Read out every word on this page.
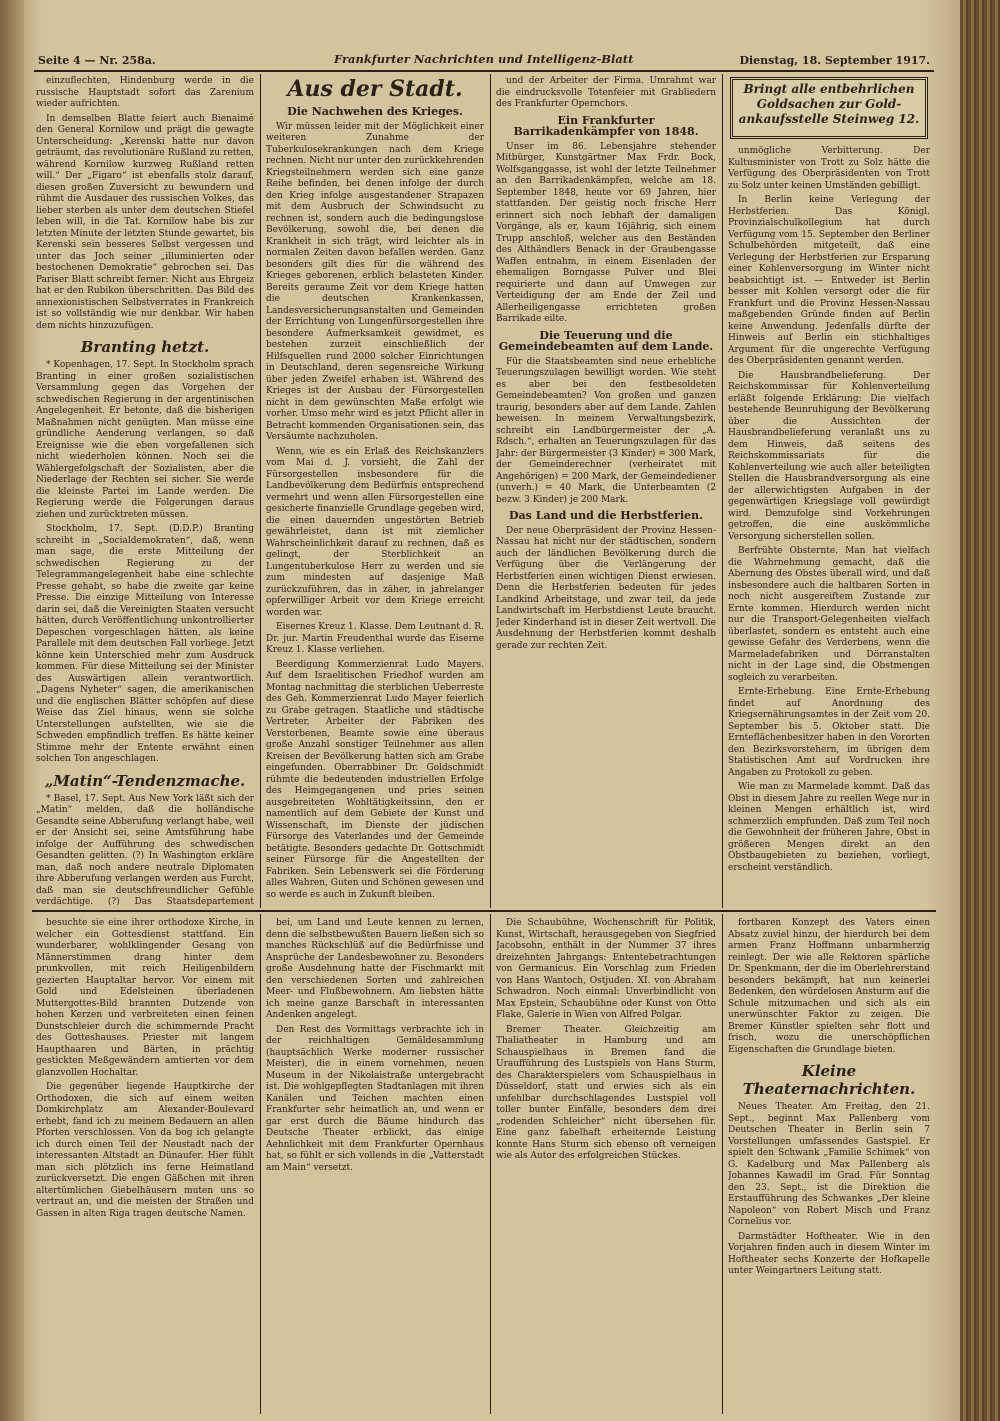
Seite 4 — Nr. 258a.	Frankfurter Nachrichten und Intelligenz-Blatt	Dienstag, 18. September 1917.

einzuflechten, Hindenburg werde in die russische Hauptstadt sofort das Zarenium wieder aufrichten.

In demselben Blatte feiert auch Bienaimé den General Kornilow und prägt die gewagte Unterscheidung: „Kerenski hatte nur davon geträumt, das revolutionäre Rußland zu retten, während Kornilow kurzweg Rußland retten will.“ Der „Figaro“ ist ebenfalls stolz darauf, diesen großen Zuversicht zu bewundern und rühmt die Ausdauer des russischen Volkes, das lieber sterben als unter dem deutschen Stiefel leben will, in die Tat. Kornilow habe bis zur letzten Minute der letzten Stunde gewartet, bis Kerenski sein besseres Selbst vergessen und unter das Joch seiner „illuminierten oder bestochenen Demokratie“ gebrochen sei. Das Pariser Blatt schreibt ferner: Nicht aus Ehrgeiz hat er den Rubikon überschritten. Das Bild des annexionistischen Selbstverrates in Frankreich ist so vollständig wie nur denkbar. Wir haben dem nichts hinzuzufügen.

Branting hetzt.

* Kopenhagen, 17. Sept. In Stockholm sprach Branting in einer großen sozialistischen Versammlung gegen das Vorgehen der schwedischen Regierung in der argentinischen Angelegenheit. Er betonte, daß die bisherigen Maßnahmen nicht genügten. Man müsse eine gründliche Aenderung verlangen, so daß Ereignisse wie die eben vorgefallenen sich nicht wiederholen können. Noch sei die Wählergefolgschaft der Sozialisten, aber die Niederlage der Rechten sei sicher. Sie werde die kleinste Partei im Lande werden. Die Regierung werde die Folgerungen daraus ziehen und zurücktreten müssen.

Stockholm, 17. Sept. (D.D.P.) Branting schreibt in „Socialdemokraten“, daß, wenn man sage, die erste Mitteilung der schwedischen Regierung zu der Telegrammangelegenheit habe eine schlechte Presse gehabt, so habe die zweite gar keine Presse. Die einzige Mitteilung von Interesse darin sei, daß die Vereinigten Staaten versucht hätten, durch Veröffentlichung unkontrollierter Depeschen vorgeschlagen hätten, als keine Parallele mit dem deutschen Fall vorliege. Jetzt könne kein Unterschied mehr zum Ausdruck kommen. Für diese Mitteilung sei der Minister des Auswärtigen allein verantwortlich. „Dagens Nyheter“ sagen, die amerikanischen und die englischen Blätter schöpfen auf diese Weise das Ziel hinaus, wenn sie solche Unterstellungen aufstellten, wie sie die Schweden empfindlich treffen. Es hätte keiner Stimme mehr der Entente erwähnt einen solchen Ton angeschlagen.

„Matin“-Tendenzmache.

* Basel, 17. Sept. Aus New York läßt sich der „Matin“ melden, daß die holländische Gesandte seine Abberufung verlangt habe, weil er der Ansicht sei, seine Amtsführung habe infolge der Aufführung des schwedischen Gesandten gelitten. (?) In Washington erkläre man, daß noch andere neutrale Diplomaten ihre Abberufung verlangen werden aus Furcht, daß man sie deutschfreundlicher Gefühle verdächtige. (?) Das Staatsdepartement

Aus der Stadt.
Die Nachwehen des Krieges.

Wir müssen leider mit der Möglichkeit einer weiteren Zunahme der Tuberkulosekrankungen nach dem Kriege rechnen. Nicht nur unter den zurückkehrenden Kriegsteilnehmern werden sich eine ganze Reihe befinden, bei denen infolge der durch den Krieg infolge ausgestandener Strapazen mit dem Ausbruch der Schwindsucht zu rechnen ist, sondern auch die bedingungslose Bevölkerung, sowohl die, bei denen die Krankheit in sich trägt, wird leichter als in normalen Zeiten davon befallen werden. Ganz besonders gilt dies für die während des Krieges geborenen, erblich belasteten Kinder. Bereits geraume Zeit vor dem Kriege hatten die deutschen Krankenkassen, Landesversicherungsanstalten und Gemeinden der Errichtung von Lungenfürsorgestellen ihre besondere Aufmerksamkeit gewidmet, es bestehen zurzeit einschließlich der Hilfsquellen rund 2000 solcher Einrichtungen in Deutschland, deren segensreiche Wirkung über jeden Zweifel erhaben ist. Während des Krieges ist der Ausbau der Fürsorgestellen nicht in dem gewünschten Maße erfolgt wie vorher. Umso mehr wird es jetzt Pflicht aller in Betracht kommenden Organisationen sein, das Versäumte nachzuholen.

Wenn, wie es ein Erlaß des Reichskanzlers vom Mai d. J. vorsieht, die Zahl der Fürsorgestellen insbesondere für die Landbevölkerung dem Bedürfnis entsprechend vermehrt und wenn allen Fürsorgestellen eine gesicherte finanzielle Grundlage gegeben wird, die einen dauernden ungestörten Betrieb gewährleistet, dann ist mit ziemlicher Wahrscheinlichkeit darauf zu rechnen, daß es gelingt, der Sterblichkeit an Lungentuberkulose Herr zu werden und sie zum mindesten auf dasjenige Maß zurückzuführen, das in zäher, in jahrelanger opferwilliger Arbeit vor dem Kriege erreicht worden war.

Eisernes Kreuz 1. Klasse. Dem Leutnant d. R. Dr. jur. Martin Freudenthal wurde das Eiserne Kreuz 1. Klasse verliehen.

Beerdigung Kommerzienrat Ludo Mayers. Auf dem Israelitischen Friedhof wurden am Montag nachmittag die sterblichen Ueberreste des Geh. Kommerzienrat Ludo Mayer feierlich zu Grabe getragen. Staatliche und städtische Vertreter, Arbeiter der Fabriken des Verstorbenen, Beamte sowie eine überaus große Anzahl sonstiger Teilnehmer aus allen Kreisen der Bevölkerung hatten sich am Grabe eingefunden. Oberrabbiner Dr. Goldschmidt rühmte die bedeutenden industriellen Erfolge des Heimgegangenen und pries seinen ausgebreiteten Wohltätigkeitssinn, den er namentlich auf dem Gebiete der Kunst und Wissenschaft, im Dienste der jüdischen Fürsorge des Vaterlandes und der Gemeinde betätigte. Besonders gedachte Dr. Gottschmidt seiner Fürsorge für die Angestellten der Fabriken. Sein Lebenswerk sei die Förderung alles Wahren, Guten und Schönen gewesen und so werde es auch in Zukunft bleiben.

und der Arbeiter der Firma. Umrahmt war die eindrucksvolle Totenfeier mit Grabliedern des Frankfurter Opernchors.

Ein Frankfurter Barrikadenkämpfer von 1848.

Unser im 86. Lebensjahre stehender Mitbürger, Kunstgärtner Max Frdr. Bock, Wolfsganggasse, ist wohl der letzte Teilnehmer an den Barrikadenkämpfen, welche am 18. September 1848, heute vor 69 Jahren, hier stattfanden. Der geistig noch frische Herr erinnert sich noch lebhaft der damaligen Vorgänge, als er, kaum 16jährig, sich einem Trupp anschloß, welcher aus den Beständen des Althändlers Benack in der Graubengasse Waffen entnahm, in einem Eisenladen der ehemaligen Borngasse Pulver und Blei requirierte und dann auf Umwegen zur Verteidigung der am Ende der Zeil und Allerheiligengasse errichteten großen Barrikade eilte.

Die Teuerung und die Gemeindebeamten auf dem Lande.

Für die Staatsbeamten sind neue erhebliche Teuerungszulagen bewilligt worden. Wie steht es aber bei den festbesoldeten Gemeindebeamten? Von großen und ganzen traurig, besonders aber auf dem Lande. Zahlen beweisen. In meinem Verwaltungsbezirk, schreibt ein Landbürgermeister der „A. Rdsch.“, erhalten an Teuerungszulagen für das Jahr: der Bürgermeister (3 Kinder) = 300 Mark, der Gemeinderechner (verheiratet mit Angehörigen) = 200 Mark, der Gemeindediener (unverh.) = 40 Mark, die Unterbeamten (2 bezw. 3 Kinder) je 200 Mark.

Das Land und die Herbstferien.

Der neue Oberpräsident der Provinz Hessen-Nassau hat nicht nur der städtischen, sondern auch der ländlichen Bevölkerung durch die Verfügung über die Verlängerung der Herbstferien einen wichtigen Dienst erwiesen. Denn die Herbstferien bedeuten für jedes Landkind Arbeitstage, und zwar teil, da jede Landwirtschaft im Herbstdienst Leute braucht. Jeder Kinderhand ist in dieser Zeit wertvoll. Die Ausdehnung der Herbstferien kommt deshalb gerade zur rechten Zeit.

Bringt alle entbehrlichen
Goldsachen zur Gold-
ankaufsstelle Steinweg 12.

unmögliche Verbitterung. Der Kultusminister von Trott zu Solz hätte die Verfügung des Oberpräsidenten von Trott zu Solz unter keinen Umständen gebilligt.

In Berlin keine Verlegung der Herbstferien. Das Königl. Provinzialschulkollegium hat durch Verfügung vom 15. September den Berliner Schulbehörden mitgeteilt, daß eine Verlegung der Herbstferien zur Ersparung einer Kohlenversorgung im Winter nicht beabsichtigt ist. — Entweder ist Berlin besser mit Kohlen versorgt oder die für Frankfurt und die Provinz Hessen-Nassau maßgebenden Gründe finden auf Berlin keine Anwendung. Jedenfalls dürfte der Hinweis auf Berlin ein stichhaltiges Argument für die ungerechte Verfügung des Oberpräsidenten genannt werden.

Die Hausbrandbelieferung. Der Reichskommissar für Kohlenverteilung erläßt folgende Erklärung: Die vielfach bestehende Beunruhigung der Bevölkerung über die Aussichten der Hausbrandbelieferung veranlaßt uns zu dem Hinweis, daß seitens des Reichskommissariats für die Kohlenverteilung wie auch aller beteiligten Stellen die Hausbrandversorgung als eine der allerwichtigsten Aufgaben in der gegenwärtigen Kriegslage voll gewürdigt wird. Demzufolge sind Vorkehrungen getroffen, die eine auskömmliche Versorgung sicherstellen sollen.

Berfrühte Obsternte. Man hat vielfach die Wahrnehmung gemacht, daß die Abernung des Obstes überall wird, und daß insbesondere auch die haltbaren Sorten in noch nicht ausgereiftem Zustande zur Ernte kommen. Hierdurch werden nicht nur die Transport-Gelegenheiten vielfach überlastet, sondern es entsteht auch eine gewisse Gefahr des Verderbens, wenn die Marmeladefabriken und Dörranstalten nicht in der Lage sind, die Obstmengen sogleich zu verarbeiten.

Ernte-Erhebung. Eine Ernte-Erhebung findet auf Anordnung des Kriegsernährungsamtes in der Zeit vom 20. September bis 5. Oktober statt. Die Ernteflächenbesitzer haben in den Vororten den Bezirksvorstehern, im übrigen dem Statistischen Amt auf Vordrucken ihre Angaben zu Protokoll zu geben.

Wie man zu Marmelade kommt. Daß das Obst in diesem Jahre zu reellen Wege nur in kleinen Mengen erhältlich ist, wird schmerzlich empfunden. Daß zum Teil noch die Gewohnheit der früheren Jahre, Obst in größeren Mengen direkt an den Obstbaugebieten zu beziehen, vorliegt, erscheint verständlich.

besuchte sie eine ihrer orthodoxe Kirche, in welcher ein Gottesdienst stattfand. Ein wunderbarer, wohlklingender Gesang von Männerstimmen drang hinter dem prunkvollen, mit reich Heiligenbildern gezierten Hauptaltar hervor. Vor einem mit Gold und Edelsteinen überladenen Muttergottes-Bild brannten Dutzende von hohen Kerzen und verbreiteten einen feinen Dunstschleier durch die schimmernde Pracht des Gotteshauses. Priester mit langem Haupthaaren und Bärten, in prächtig gestickten Meßgewändern amtierten vor dem glanzvollen Hochaltar.

Die gegenüber liegende Hauptkirche der Orthodoxen, die sich auf einem weiten Domkirchplatz am Alexander-Boulevard erhebt, fand ich zu meinem Bedauern an allen Pforten verschlossen. Von da bog ich gelangte ich durch einen Teil der Neustadt nach der interessanten Altstadt an Dünaufer. Hier fühlt man sich plötzlich ins ferne Heimatland zurückversetzt. Die engen Gäßchen mit ihren altertümlichen Giebelhäusern muten uns so vertraut an, und die meisten der Straßen und Gassen in alten Riga tragen deutsche Namen.

bei, um Land und Leute kennen zu lernen, denn die selbstbewußten Bauern ließen sich so manches Rückschlüß auf die Bedürfnisse und Ansprüche der Landesbewohner zu. Besonders große Ausdehnung hatte der Fischmarkt mit den verschiedenen Sorten und zahlreichen Meer- und Flußbewohnern. Am liebsten hätte ich meine ganze Barschaft in interessanten Andenken angelegt.

Den Rest des Vormittags verbrachte ich in der reichhaltigen Gemäldesammlung (hauptsächlich Werke moderner russischer Meister), die in einem vornehmen, neuen Museum in der Nikolaistraße untergebracht ist. Die wohlgepflegten Stadtanlagen mit ihren Kanälen und Teichen machten einen Frankfurter sehr heimatlich an, und wenn er gar erst durch die Bäume hindurch das Deutsche Theater erblickt, das einige Aehnlichkeit mit dem Frankfurter Opernhaus hat, so fühlt er sich vollends in die „Vatterstadt am Main“ versetzt.

Die Schaubühne, Wochenschrift für Politik, Kunst, Wirtschaft, herausgegeben von Siegfried Jacobsohn, enthält in der Nummer 37 ihres dreizehnten Jahrgangs: Ententebetrachtungen von Germanicus. Ein Vorschlag zum Frieden von Hans Wantoch, Ostjuden. XI. von Abraham Schwadron. Noch einmal: Unverbindlicht von Max Epstein, Schaubühne oder Kunst von Otto Flake, Galerie in Wien von Alfred Polgar.

Bremer Theater. Gleichzeitig am Thaliatheater in Hamburg und am Schauspielhaus in Bremen fand die Uraufführung des Lustspiels von Hans Sturm, des Charakterspielers vom Schauspielhaus in Düsseldorf, statt und erwies sich als ein unfehlbar durchschlagendes Lustspiel voll toller bunter Einfälle, besonders dem drei „rodenden Schleicher“ nicht übersehen für. Eine ganz fabelhaft erheiternde Leistung konnte Hans Sturm sich ebenso oft verneigen wie als Autor des erfolgreichen Stückes.

fortbaren Konzept des Vaters einen Absatz zuviel hinzu, der hierdurch bei dem armen Franz Hoffmann unbarmherzig reinlegt. Der wie alle Rektoren spärliche Dr. Spenkmann, der die im Oberlehrerstand besonders bekämpft, hat nun keinerlei Bedenken, den würdelosen Ansturm auf die Schule mitzumachen und sich als ein unerwünschter Faktor zu zeigen. Die Bremer Künstler spielten sehr flott und frisch, wozu die unerschöpflichen Eigenschaften die Grundlage bieten.

Kleine Theaternachrichten.

Neues Theater. Am Freitag, den 21. Sept., beginnt Max Pallenberg vom Deutschen Theater in Berlin sein 7 Vorstellungen umfassendes Gastspiel. Er spielt den Schwank „Familie Schimek“ von G. Kadelburg und Max Pallenberg als Johannes Kawadil im Grad. Für Sonntag den 23. Sept., ist die Direktion die Erstaufführung des Schwankes „Der kleine Napoleon“ von Robert Misch und Franz Cornelius vor.

Darmstädter Hoftheater. Wie in den Vorjahren finden auch in diesem Winter im Hoftheater sechs Konzerte der Hofkapelle unter Weingartners Leitung statt.
